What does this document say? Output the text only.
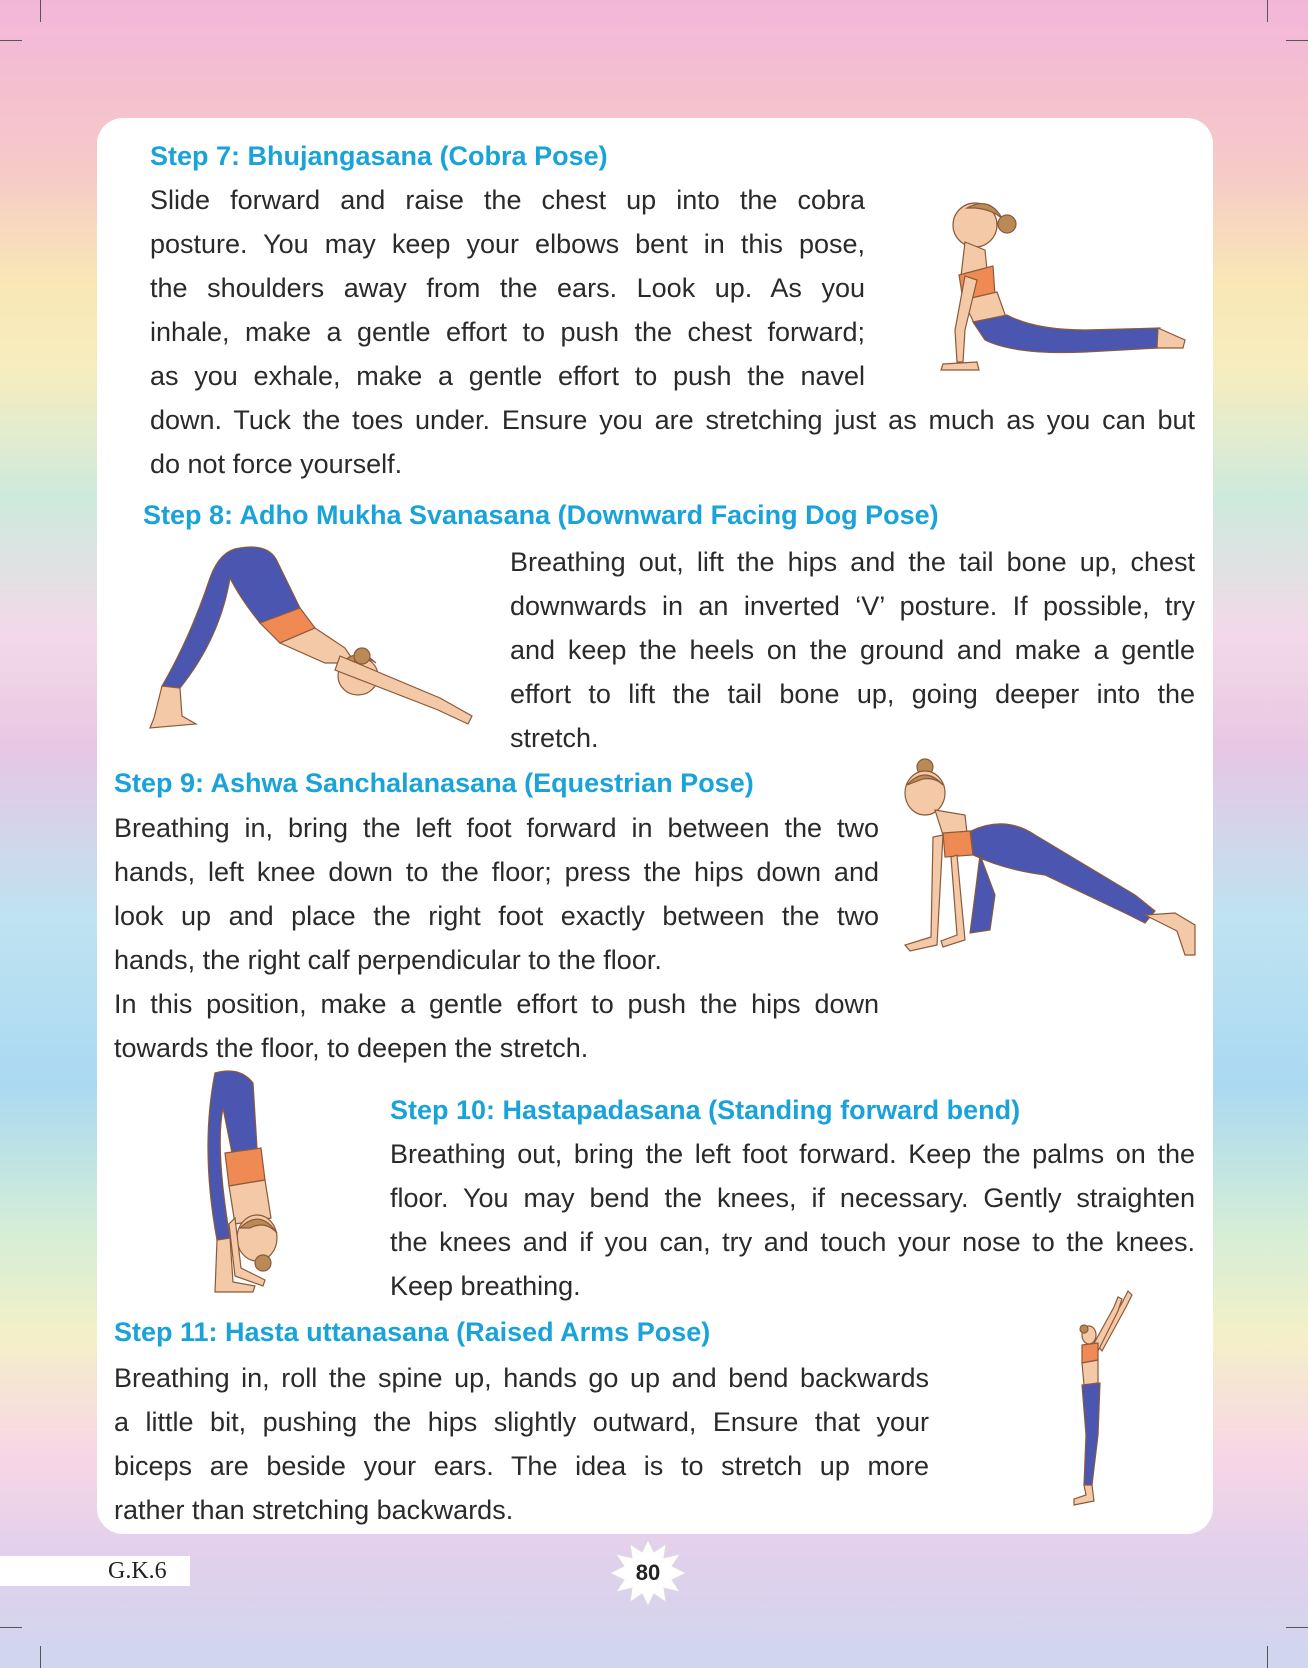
Step 7: Bhujangasana (Cobra Pose)
Slide forward and raise the chest up into the cobra
posture. You may keep your elbows bent in this pose,
the shoulders away from the ears. Look up. As you
inhale, make a gentle effort to push the chest forward;
as you exhale, make a gentle effort to push the navel
down. Tuck the toes under. Ensure you are stretching just as much as you can but
do not force yourself.
Step 8: Adho Mukha Svanasana (Downward Facing Dog Pose)
Breathing out, lift the hips and the tail bone up, chest
downwards in an inverted ‘V’ posture. If possible, try
and keep the heels on the ground and make a gentle
effort to lift the tail bone up, going deeper into the
stretch.
Step 9: Ashwa Sanchalanasana (Equestrian Pose)
Breathing in, bring the left foot forward in between the two
hands, left knee down to the floor; press the hips down and
look up and place the right foot exactly between the two
hands, the right calf perpendicular to the floor.
In this position, make a gentle effort to push the hips down
towards the floor, to deepen the stretch.
Step 10: Hastapadasana (Standing forward bend)
Breathing out, bring the left foot forward. Keep the palms on the
floor. You may bend the knees, if necessary. Gently straighten
the knees and if you can, try and touch your nose to the knees.
Keep breathing.
Step 11: Hasta uttanasana (Raised Arms Pose)
Breathing in, roll the spine up, hands go up and bend backwards
a little bit, pushing the hips slightly outward, Ensure that your
biceps are beside your ears. The idea is to stretch up more
rather than stretching backwards.
G.K.6	80
